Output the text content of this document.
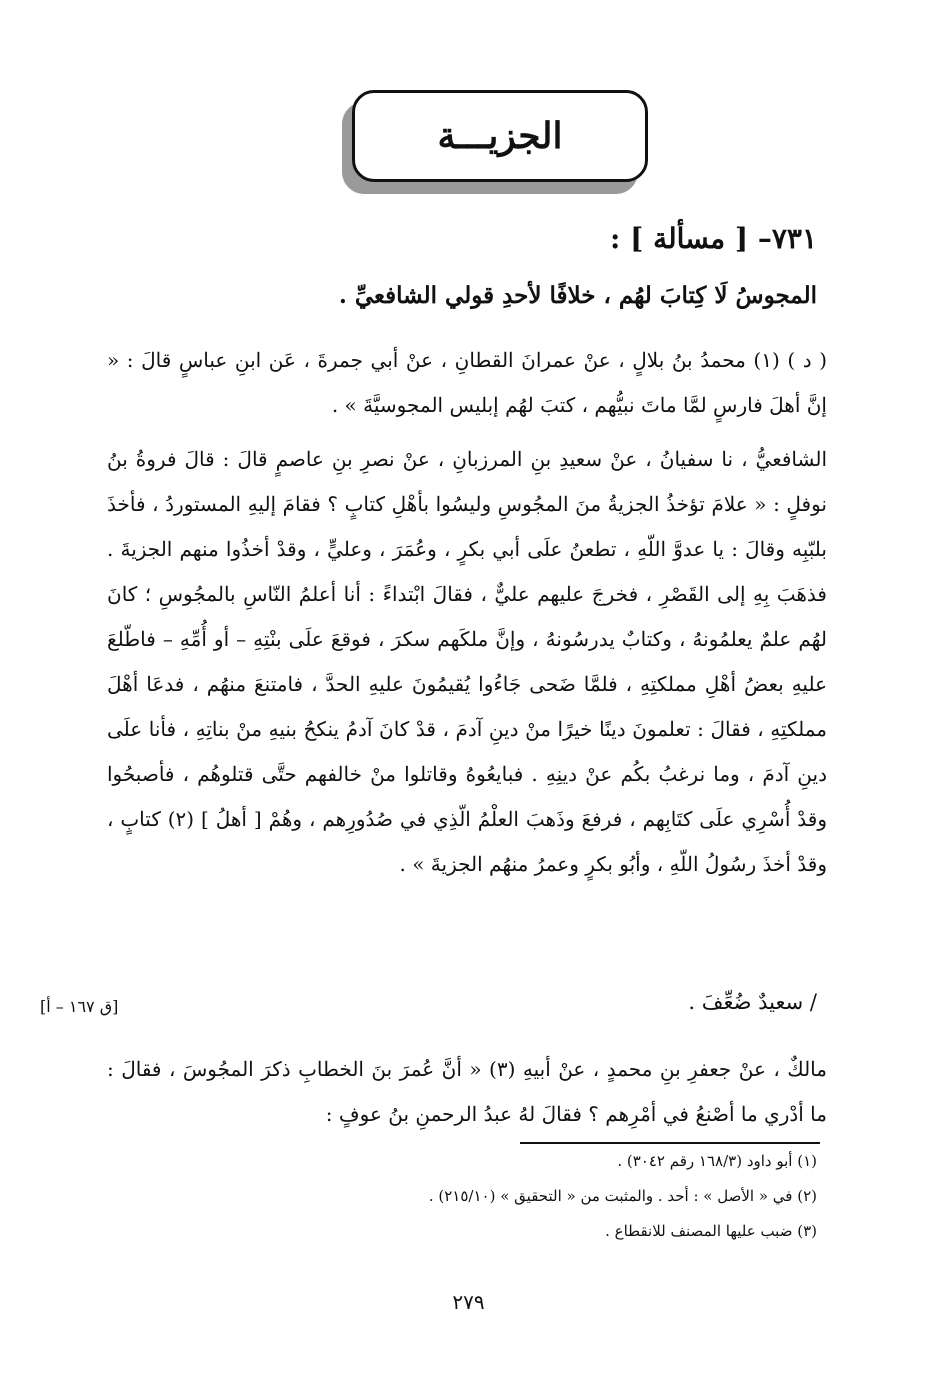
الجزيـــة
٧٣١– [ مسألة ] :
المجوسُ لَا كِتابَ لهُم ، خلافًا لأحدِ قولي الشافعيِّ .

( د ) (١) محمدُ بنُ بلالٍ ، عنْ عمرانَ القطانِ ، عنْ أبي جمرةَ ، عَن ابنِ عباسٍ قالَ : « إنَّ أهلَ فارسٍ لمَّا ماتَ نبيُّهم ، كتبَ لهُم إبليس المجوسيَّةَ » .

الشافعيُّ ، نا سفيانُ ، عنْ سعيدِ بنِ المرزبانِ ، عنْ نصرِ بنِ عاصمٍ قالَ : قالَ فروةُ بنُ نوفلٍ : « علامَ تؤخذُ الجزيةُ منَ المجُوسِ وليسُوا بأهْلِ كتابٍ ؟ فقامَ إليهِ المستوردُ ، فأخذَ بلبّبِه وقالَ : يا عدوَّ اللّهِ ، تطعنُ علَى أبي بكرٍ ، وعُمَرَ ، وعليٍّ ، وقدْ أخذُوا منهم الجزيةَ . فذهَبَ بِهِ إلى القَصْرِ ، فخرجَ عليهم عليٌّ ، فقالَ ابْتداءً : أنا أعلمُ النّاسِ بالمجُوسِ ؛ كانَ لهُم علمٌ يعلمُونهُ ، وكتابٌ يدرسُونهُ ، وإنَّ ملكَهم سكرَ ، فوقعَ علَى بنْتِهِ – أو أُمِّهِ – فاطّلعَ عليهِ بعضُ أهْلِ مملكتِهِ ، فلمَّا ضَحى جَاءُوا يُقيمُونَ عليهِ الحدَّ ، فامتنعَ منهُم ، فدعَا أهْلَ مملكتِهِ ، فقالَ : تعلمونَ دينًا خيرًا منْ دينِ آدمَ ، قدْ كانَ آدمُ ينكحُ بنيهِ منْ بناتِهِ ، فأنا علَى دينِ آدمَ ، وما نرغبُ بكُم عنْ دينِهِ . فبايعُوهُ وقاتلوا منْ خالفهم حتَّى قتلوهُم ، فأصبحُوا وقدْ أُسْرِي علَى كتَابِهم ، فرفعَ وذَهبَ العلْمُ الّذِي في صُدُورِهم ، وهُمْ [ أهلُ ] (٢) كتابٍ ، وقدْ أخذَ رسُولُ اللّهِ ، وأبُو بكرٍ وعمرُ منهُم الجزيةَ » .

/ سعيدٌ ضُعِّفَ .
[ق ١٦٧ – أ]

مالكٌ ، عنْ جعفرِ بنِ محمدٍ ، عنْ أبيهِ (٣) « أنَّ عُمرَ بنَ الخطابِ ذكرَ المجُوسَ ، فقالَ : ما أدْري ما أصْنعُ في أمْرِهم ؟ فقالَ لهُ عبدُ الرحمنِ بنُ عوفٍ :

(١) أبو داود (١٦٨/٣ رقم ٣٠٤٢) .
(٢) في « الأصل » : أحد . والمثبت من « التحقيق » (٢١٥/١٠) .
(٣) ضبب عليها المصنف للانقطاع .
٢٧٩
